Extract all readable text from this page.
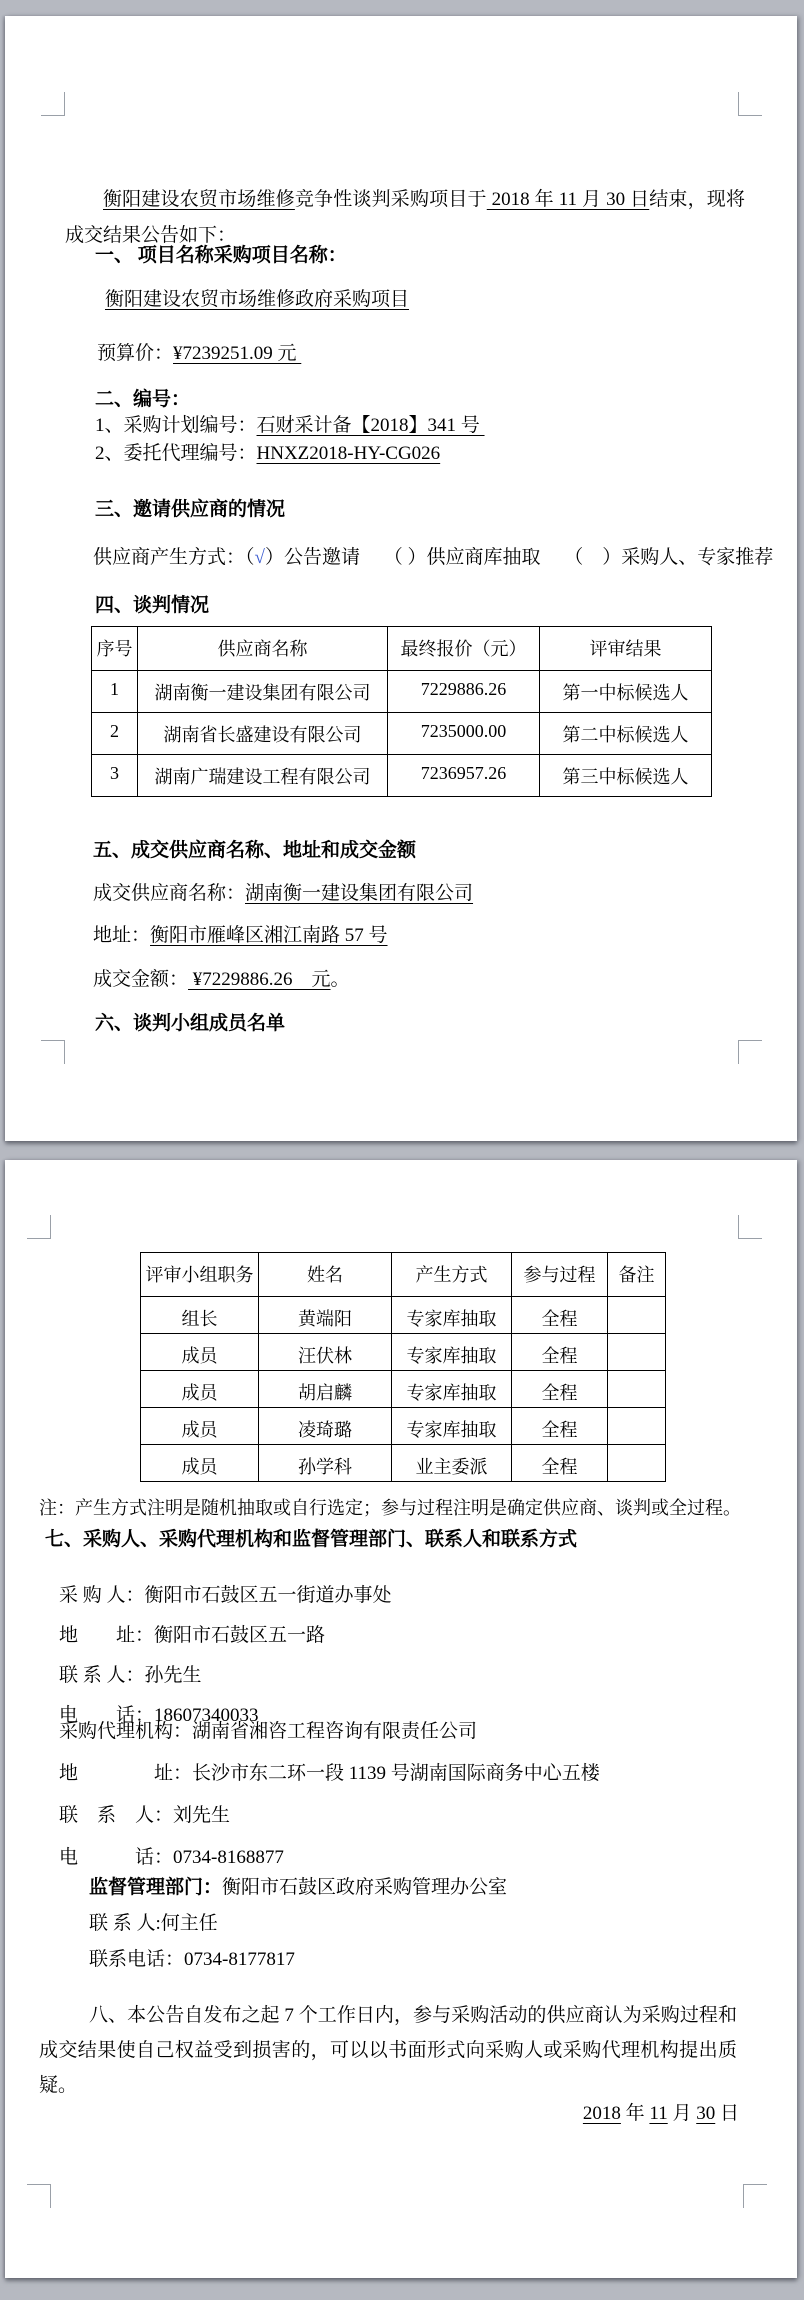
衡阳建设农贸市场维修竞争性谈判采购项目于 2018 年 11 月 30 日结束，现将成交结果公告如下：
一、 项目名称采购项目名称：
衡阳建设农贸市场维修政府采购项目
预算价：¥7239251.09 元
二、编号：
1、采购计划编号：石财采计备【2018】341 号
2、委托代理编号：HNXZ2018-HY-CG026
三、邀请供应商的情况
供应商产生方式：（√）公告邀请　 （ ）供应商库抽取　 （　）采购人、专家推荐
四、谈判情况
序号	供应商名称	最终报价（元）	评审结果
1	湖南衡一建设集团有限公司	7229886.26	第一中标候选人
2	湖南省长盛建设有限公司	7235000.00	第二中标候选人
3	湖南广瑞建设工程有限公司	7236957.26	第三中标候选人
五、成交供应商名称、地址和成交金额
成交供应商名称：湖南衡一建设集团有限公司
地址：衡阳市雁峰区湘江南路 57 号
成交金额： ¥7229886.26　元。
六、谈判小组成员名单
评审小组职务	姓名	产生方式	参与过程	备注
组长	黄端阳	专家库抽取	全程	
成员	汪伏林	专家库抽取	全程	
成员	胡启麟	专家库抽取	全程	
成员	凌琦璐	专家库抽取	全程	
成员	孙学科	业主委派	全程	
注：产生方式注明是随机抽取或自行选定；参与过程注明是确定供应商、谈判或全过程。
七、采购人、采购代理机构和监督管理部门、联系人和联系方式
采 购 人：衡阳市石鼓区五一街道办事处
地　　址：衡阳市石鼓区五一路
联 系 人：孙先生
电　　话：18607340033
采购代理机构：湖南省湘咨工程咨询有限责任公司
地　　　　址：长沙市东二环一段 1139 号湖南国际商务中心五楼
联　系　人：刘先生
电　　　话：0734-8168877
监督管理部门：衡阳市石鼓区政府采购管理办公室
联 系 人:何主任
联系电话：0734-8177817
八、本公告自发布之起 7 个工作日内，参与采购活动的供应商认为采购过程和成交结果使自己权益受到损害的，可以以书面形式向采购人或采购代理机构提出质疑。
2018 年 11 月 30 日
